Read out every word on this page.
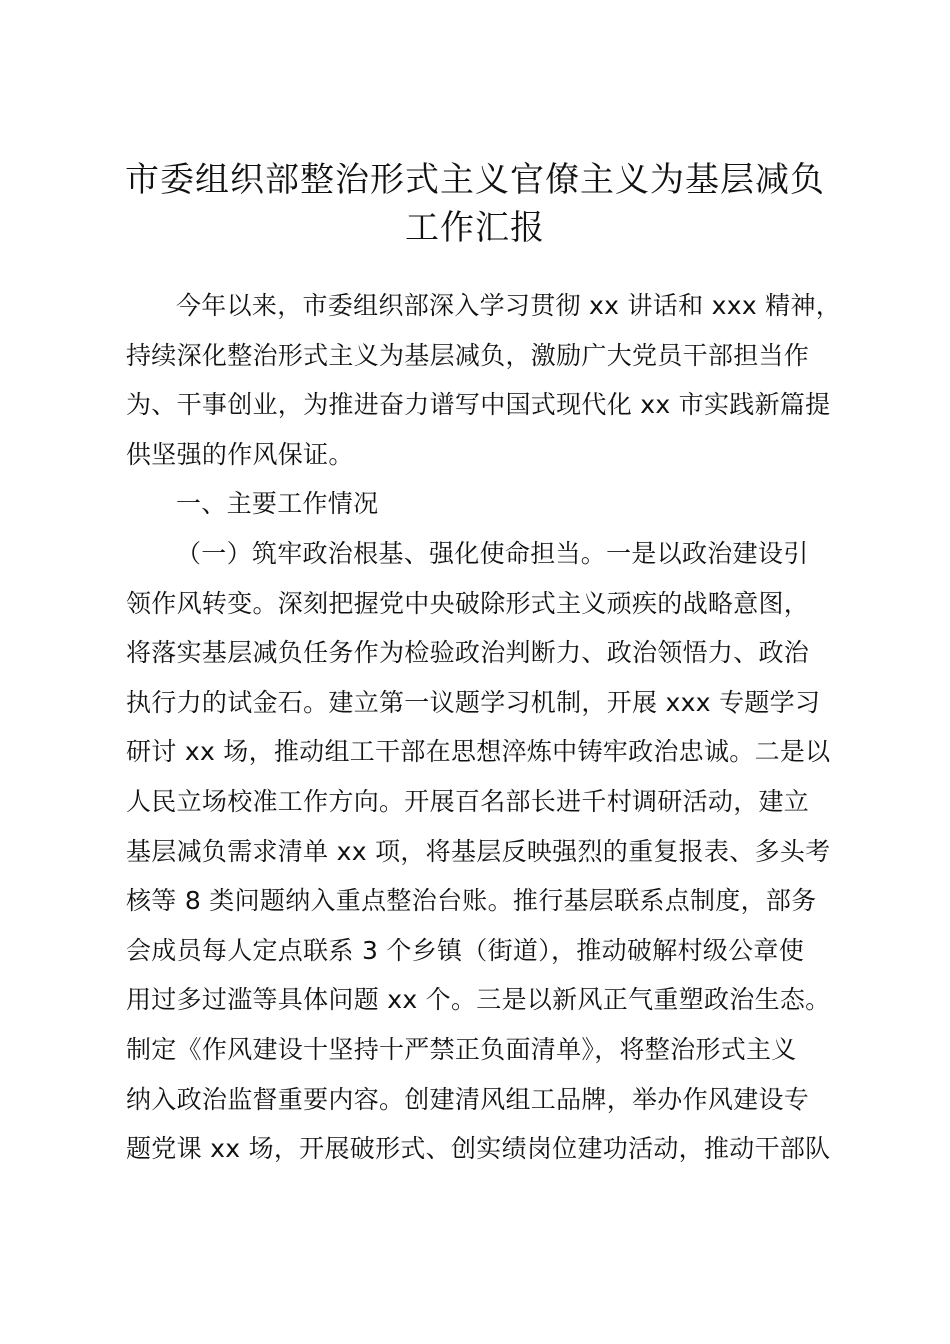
市委组织部整治形式主义官僚主义为基层减负
工作汇报
今年以来，市委组织部深入学习贯彻 xx 讲话和 xxx 精神，
持续深化整治形式主义为基层减负，激励广大党员干部担当作
为、干事创业，为推进奋力谱写中国式现代化 xx 市实践新篇提
供坚强的作风保证。
一、主要工作情况
（一）筑牢政治根基、强化使命担当。一是以政治建设引
领作风转变。深刻把握党中央破除形式主义顽疾的战略意图，
将落实基层减负任务作为检验政治判断力、政治领悟力、政治
执行力的试金石。建立第一议题学习机制，开展 xxx 专题学习
研讨 xx 场，推动组工干部在思想淬炼中铸牢政治忠诚。二是以
人民立场校准工作方向。开展百名部长进千村调研活动，建立
基层减负需求清单 xx 项，将基层反映强烈的重复报表、多头考
核等 8 类问题纳入重点整治台账。推行基层联系点制度，部务
会成员每人定点联系 3 个乡镇（街道），推动破解村级公章使
用过多过滥等具体问题 xx 个。三是以新风正气重塑政治生态。
制定《作风建设十坚持十严禁正负面清单》，将整治形式主义
纳入政治监督重要内容。创建清风组工品牌，举办作风建设专
题党课 xx 场，开展破形式、创实绩岗位建功活动，推动干部队
